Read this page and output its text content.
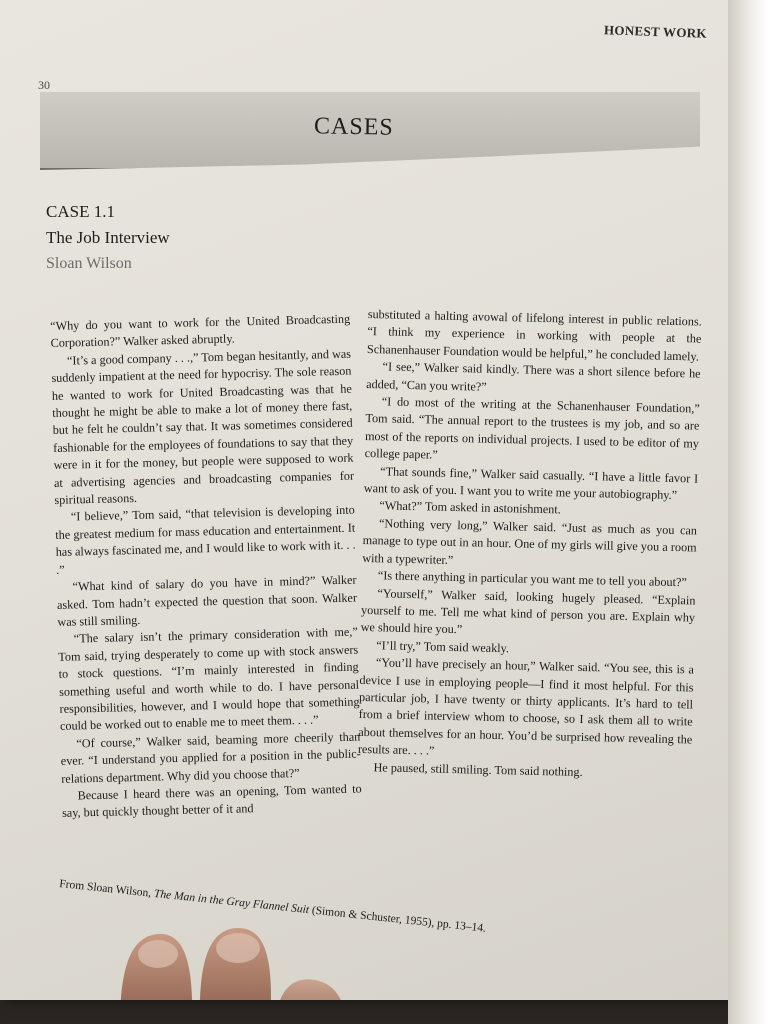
HONEST WORK
30
CASES
CASE 1.1
The Job Interview
Sloan Wilson

“Why do you want to work for the United Broadcasting Corporation?” Walker asked abruptly.

“It’s a good company . . .,” Tom began hesitantly, and was suddenly impatient at the need for hypocrisy. The sole reason he wanted to work for United Broadcasting was that he thought he might be able to make a lot of money there fast, but he felt he couldn’t say that. It was sometimes considered fashionable for the employees of foundations to say that they were in it for the money, but people were supposed to work at advertising agencies and broadcasting companies for spiritual reasons.

“I believe,” Tom said, “that television is developing into the greatest medium for mass education and entertainment. It has always fascinated me, and I would like to work with it. . . .”

“What kind of salary do you have in mind?” Walker asked. Tom hadn’t expected the question that soon. Walker was still smiling.

“The salary isn’t the primary consideration with me,” Tom said, trying desperately to come up with stock answers to stock questions. “I’m mainly interested in finding something useful and worth while to do. I have personal responsibilities, however, and I would hope that something could be worked out to enable me to meet them. . . .”

“Of course,” Walker said, beaming more cheerily than ever. “I understand you applied for a position in the public-relations department. Why did you choose that?”

Because I heard there was an opening, Tom wanted to say, but quickly thought better of it and

substituted a halting avowal of lifelong interest in public relations. “I think my experience in working with people at the Schanenhauser Foundation would be helpful,” he concluded lamely.

“I see,” Walker said kindly. There was a short silence before he added, “Can you write?”

“I do most of the writing at the Schanenhauser Foundation,” Tom said. “The annual report to the trustees is my job, and so are most of the reports on individual projects. I used to be editor of my college paper.”

“That sounds fine,” Walker said casually. “I have a little favor I want to ask of you. I want you to write me your autobiography.”

“What?” Tom asked in astonishment.

“Nothing very long,” Walker said. “Just as much as you can manage to type out in an hour. One of my girls will give you a room with a typewriter.”

“Is there anything in particular you want me to tell you about?”

“Yourself,” Walker said, looking hugely pleased. “Explain yourself to me. Tell me what kind of person you are. Explain why we should hire you.”

“I’ll try,” Tom said weakly.

“You’ll have precisely an hour,” Walker said. “You see, this is a device I use in employing people—I find it most helpful. For this particular job, I have twenty or thirty applicants. It’s hard to tell from a brief interview whom to choose, so I ask them all to write about themselves for an hour. You’d be surprised how revealing the results are. . . .”

He paused, still smiling. Tom said nothing.

From Sloan Wilson, The Man in the Gray Flannel Suit (Simon & Schuster, 1955), pp. 13–14.
